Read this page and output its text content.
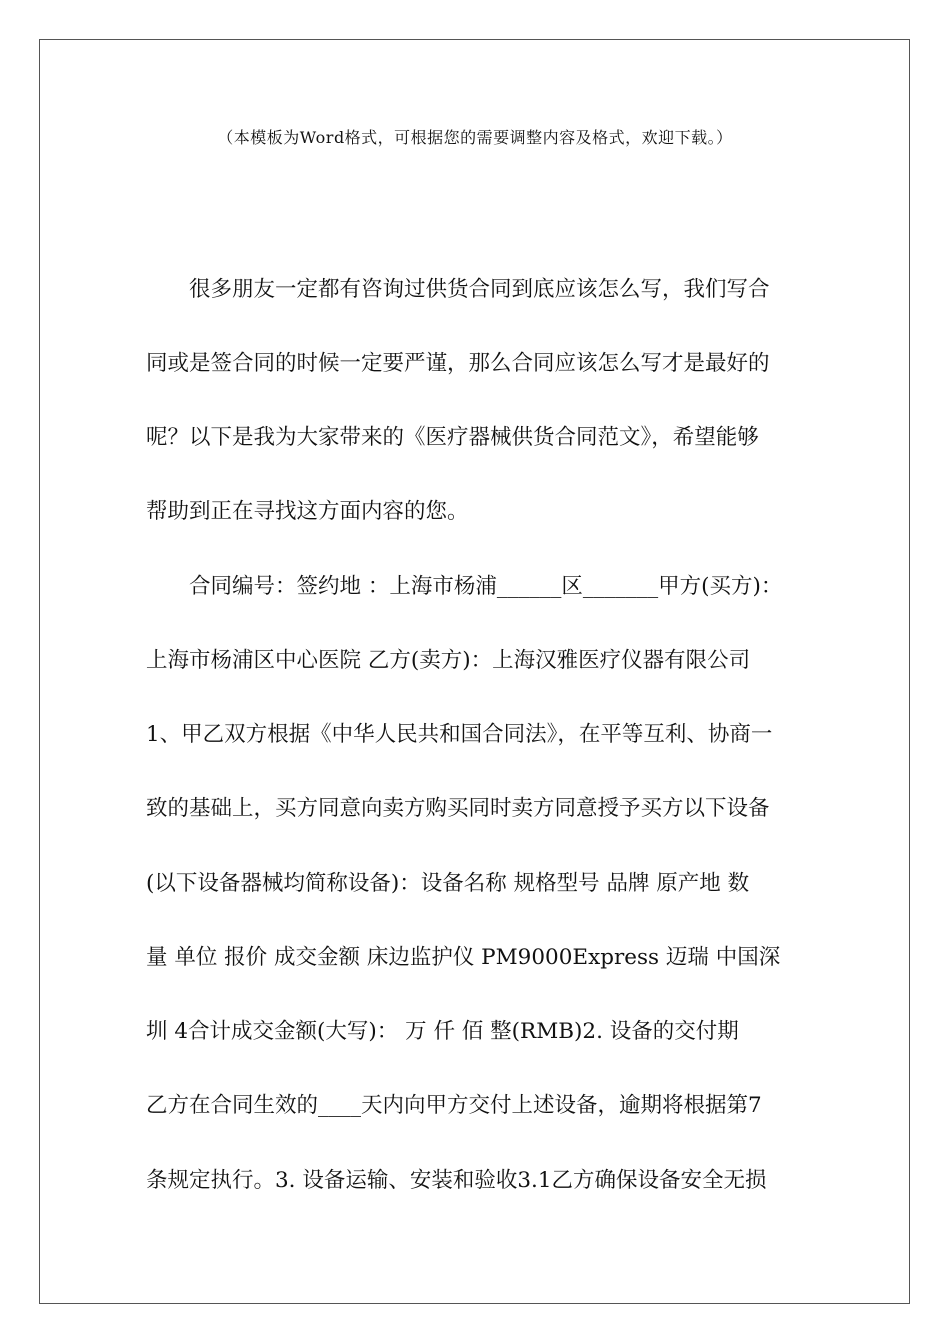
（本模板为Word格式，可根据您的需要调整内容及格式，欢迎下载。）
很多朋友一定都有咨询过供货合同到底应该怎么写，我们写合
同或是签合同的时候一定要严谨，那么合同应该怎么写才是最好的
呢？以下是我为大家带来的《医疗器械供货合同范文》，希望能够
帮助到正在寻找这方面内容的您。
合同编号：签约地 ：上海市杨浦______区_______甲方(买方)：
上海市杨浦区中心医院 乙方(卖方)：上海汉雅医疗仪器有限公司
1、甲乙双方根据《中华人民共和国合同法》，在平等互利、协商一
致的基础上，买方同意向卖方购买同时卖方同意授予买方以下设备
(以下设备器械均简称设备)：设备名称 规格型号 品牌 原产地 数
量 单位 报价 成交金额 床边监护仪 PM9000Express 迈瑞 中国深
圳 4合计成交金额(大写)： 万 仟 佰 整(RMB)2. 设备的交付期
乙方在合同生效的____天内向甲方交付上述设备，逾期将根据第7
条规定执行。3. 设备运输、安装和验收3.1乙方确保设备安全无损
